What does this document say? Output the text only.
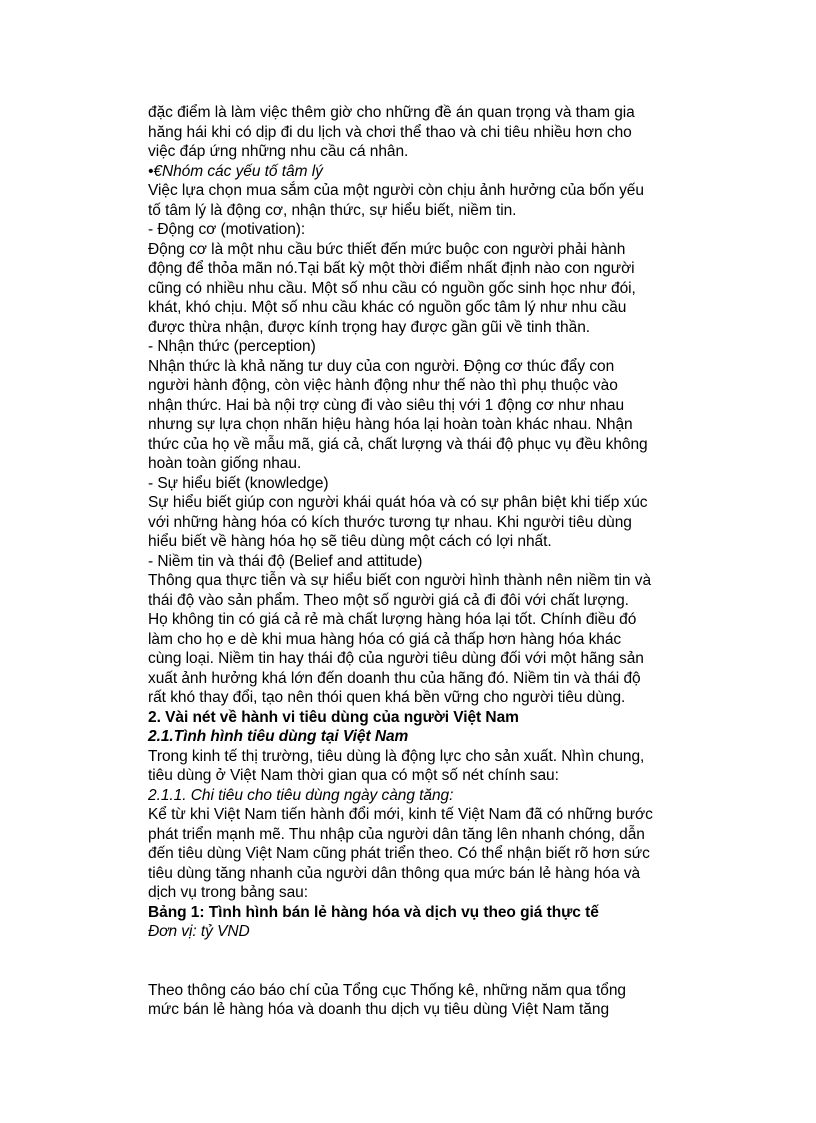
đặc điểm là làm việc thêm giờ cho những đề án quan trọng và tham gia
hăng hái khi có dịp đi du lịch và chơi thể thao và chi tiêu nhiều hơn cho
việc đáp ứng những nhu cầu cá nhân.
•€Nhóm các yếu tố tâm lý
Việc lựa chọn mua sắm của một người còn chịu ảnh hưởng của bốn yếu
tố tâm lý là động cơ, nhận thức, sự hiểu biết, niềm tin.
- Động cơ (motivation):
Động cơ là một nhu cầu bức thiết đến mức buộc con người phải hành
động để thỏa mãn nó.Tại bất kỳ một thời điểm nhất định nào con người
cũng có nhiều nhu cầu. Một số nhu cầu có nguồn gốc sinh học như đói,
khát, khó chịu. Một số nhu cầu khác có nguồn gốc tâm lý như nhu cầu
được thừa nhận, được kính trọng hay được gần gũi về tinh thần.
- Nhận thức (perception)
Nhận thức là khả năng tư duy của con người. Động cơ thúc đẩy con
người hành động, còn việc hành động như thế nào thì phụ thuộc vào
nhận thức. Hai bà nội trợ cùng đi vào siêu thị với 1 động cơ như nhau
nhưng sự lựa chọn nhãn hiệu hàng hóa lại hoàn toàn khác nhau. Nhận
thức của họ về mẫu mã, giá cả, chất lượng và thái độ phục vụ đều không
hoàn toàn giống nhau.
- Sự hiểu biết (knowledge)
Sự hiểu biết giúp con người khái quát hóa và có sự phân biệt khi tiếp xúc
với những hàng hóa có kích thước tương tự nhau. Khi người tiêu dùng
hiểu biết về hàng hóa họ sẽ tiêu dùng một cách có lợi nhất.
- Niềm tin và thái độ (Belief and attitude)
Thông qua thực tiễn và sự hiểu biết con người hình thành nên niềm tin và
thái độ vào sản phẩm. Theo một số người giá cả đi đôi với chất lượng.
Họ không tin có giá cả rẻ mà chất lượng hàng hóa lại tốt. Chính điều đó
làm cho họ e dè khi mua hàng hóa có giá cả thấp hơn hàng hóa khác
cùng loại. Niềm tin hay thái độ của người tiêu dùng đối với một hãng sản
xuất ảnh hưởng khá lớn đến doanh thu của hãng đó. Niềm tin và thái độ
rất khó thay đổi, tạo nên thói quen khá bền vững cho người tiêu dùng.
2. Vài nét về hành vi tiêu dùng của người Việt Nam
2.1.Tình hình tiêu dùng tại Việt Nam
Trong kinh tế thị trường, tiêu dùng là động lực cho sản xuất. Nhìn chung,
tiêu dùng ở Việt Nam thời gian qua có một số nét chính sau:
2.1.1. Chi tiêu cho tiêu dùng ngày càng tăng:
Kể từ khi Việt Nam tiến hành đổi mới, kinh tế Việt Nam đã có những bước
phát triển mạnh mẽ. Thu nhập của người dân tăng lên nhanh chóng, dẫn
đến tiêu dùng Việt Nam cũng phát triển theo. Có thể nhận biết rõ hơn sức
tiêu dùng tăng nhanh của người dân thông qua mức bán lẻ hàng hóa và
dịch vụ trong bảng sau:
Bảng 1: Tình hình bán lẻ hàng hóa và dịch vụ theo giá thực tế
Đơn vị: tỷ VND
Theo thông cáo báo chí của Tổng cục Thống kê, những năm qua tổng
mức bán lẻ hàng hóa và doanh thu dịch vụ tiêu dùng Việt Nam tăng
